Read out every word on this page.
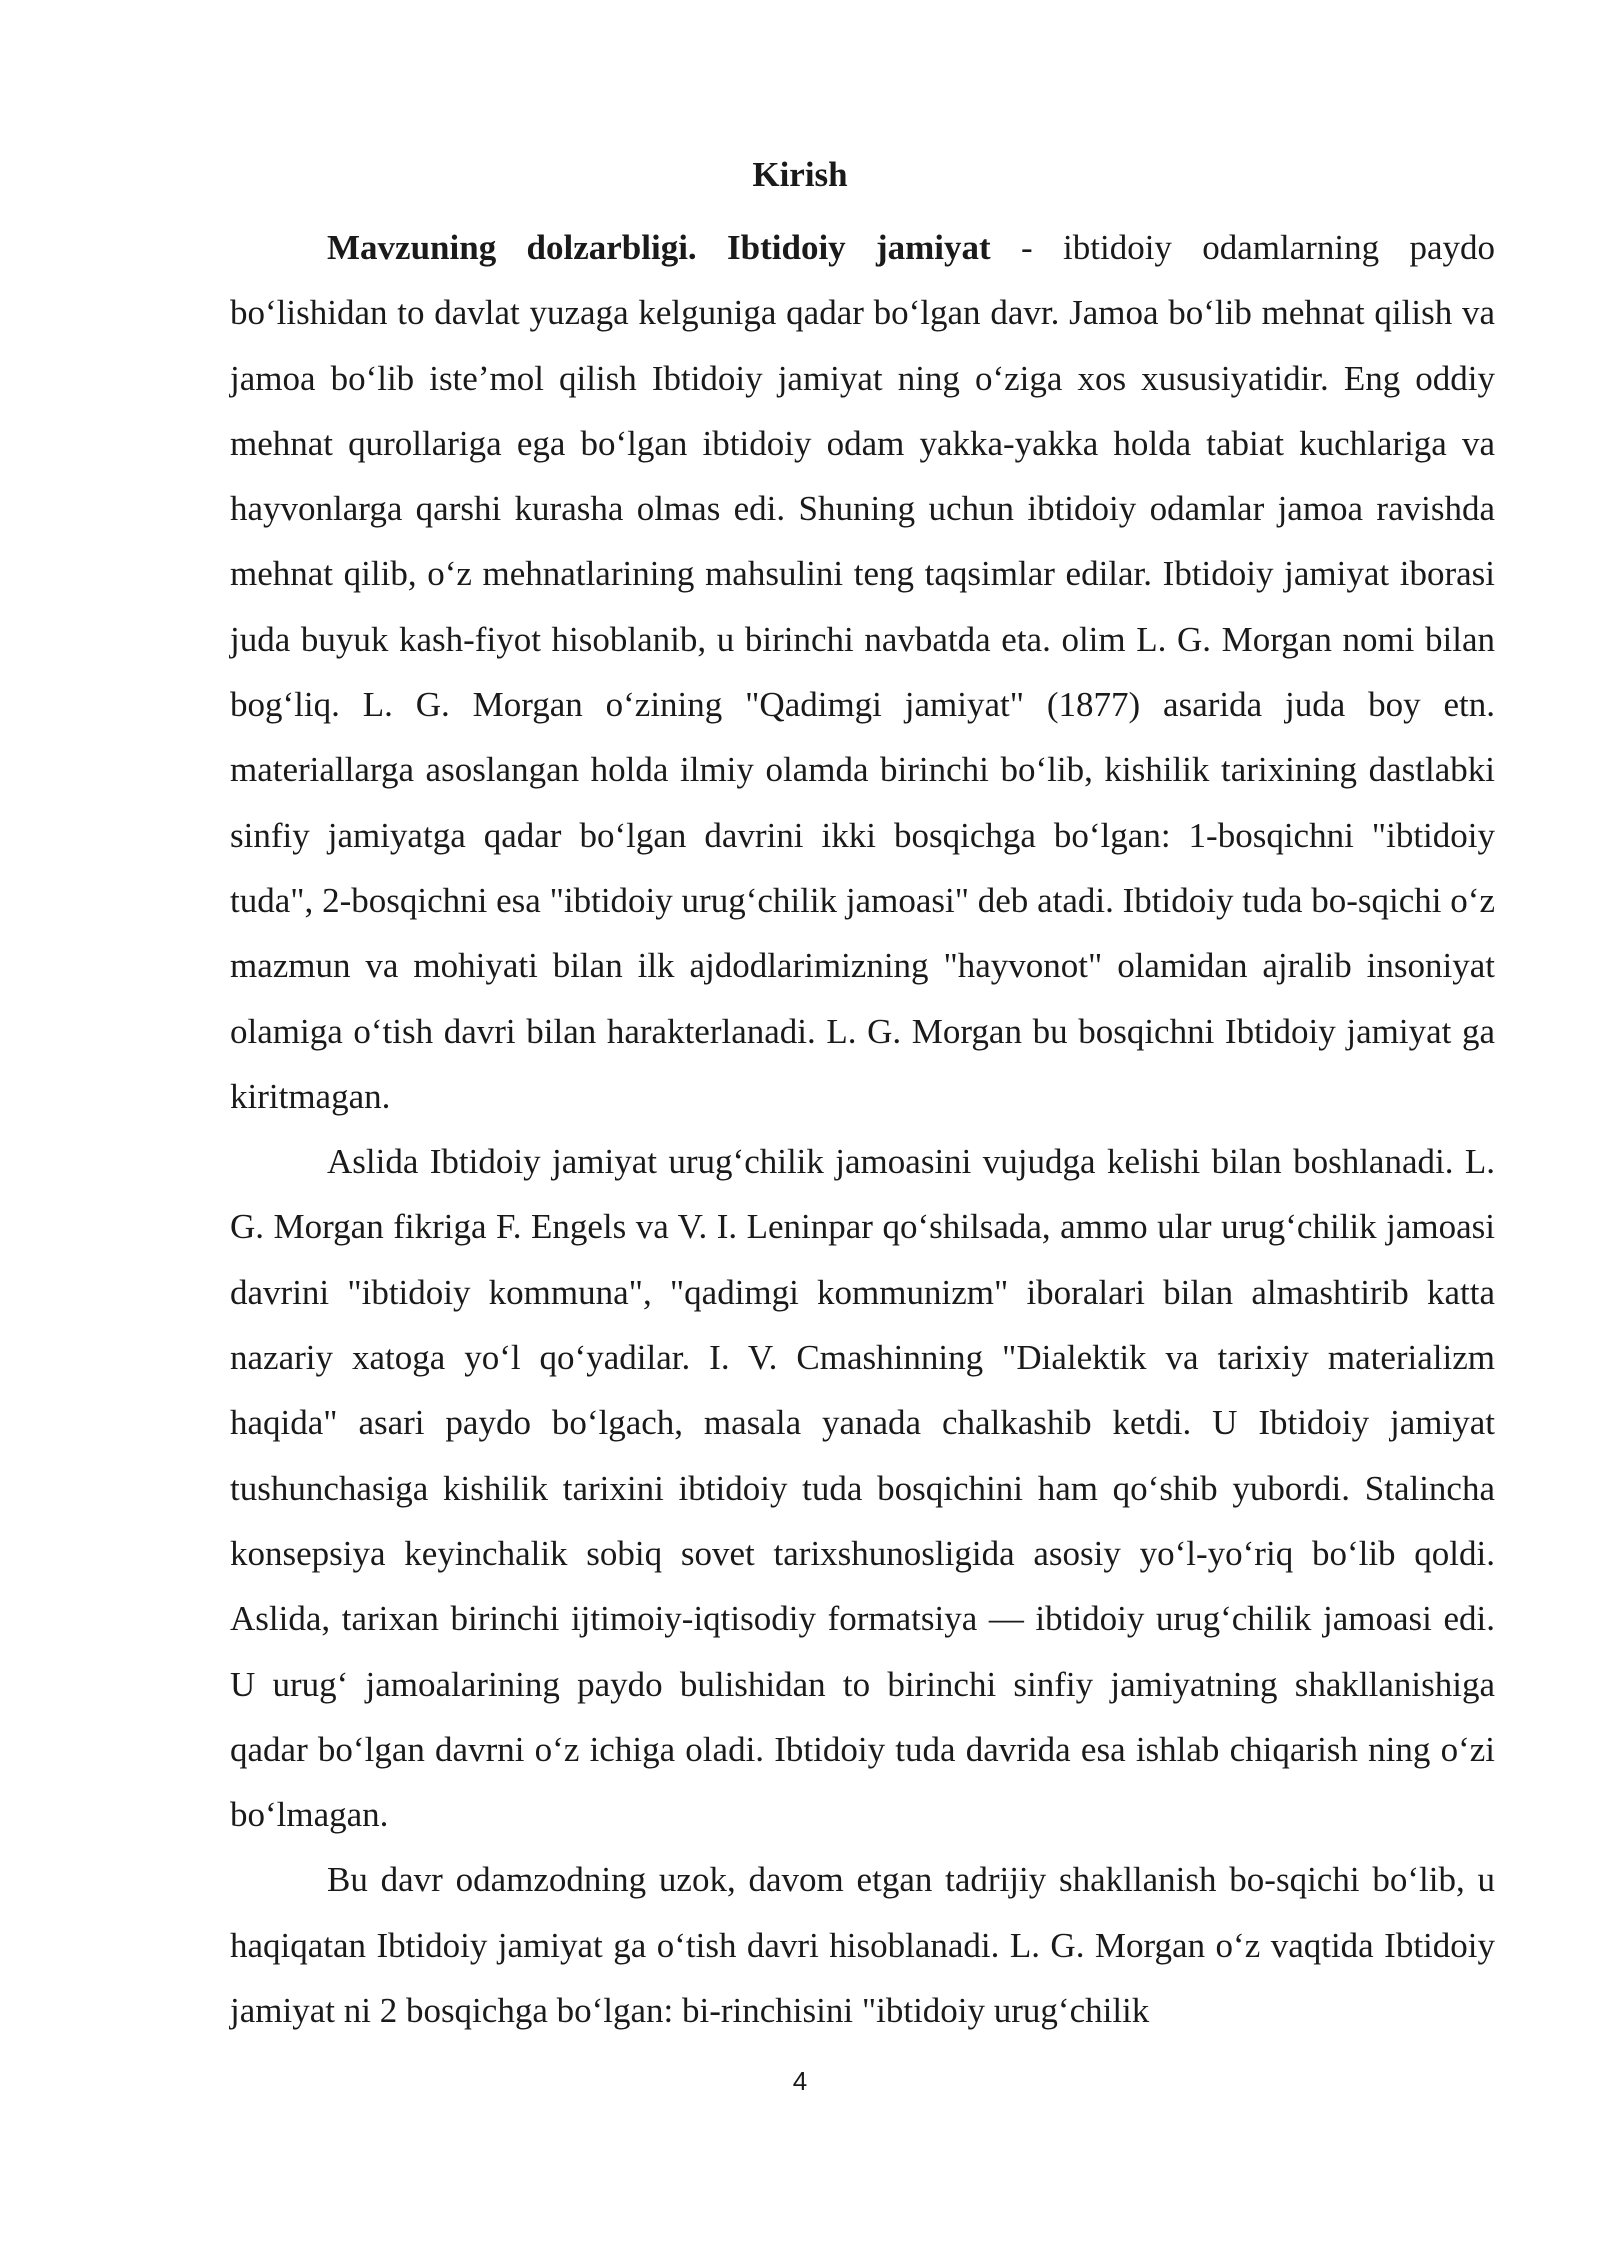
Kirish

Mavzuning dolzarbligi. Ibtidoiy jamiyat - ibtidoiy odamlarning paydo boʻlishidan to davlat yuzaga kelguniga qadar boʻlgan davr. Jamoa boʻlib mehnat qilish va jamoa boʻlib isteʼmol qilish Ibtidoiy jamiyat ning oʻziga xos xususiyatidir. Eng oddiy mehnat qurollariga ega boʻlgan ibtidoiy odam yakka-yakka holda tabiat kuchlariga va hayvonlarga qarshi kurasha olmas edi. Shuning uchun ibtidoiy odamlar jamoa ravishda mehnat qilib, oʻz mehnatlarining mahsulini teng taqsimlar edilar. Ibtidoiy jamiyat iborasi juda buyuk kash-fiyot hisoblanib, u birinchi navbatda eta. olim L. G. Morgan nomi bilan bogʻliq. L. G. Morgan oʻzining "Qadimgi jamiyat" (1877) asarida juda boy etn. materiallarga asoslangan holda ilmiy olamda birinchi boʻlib, kishilik tarixining dastlabki sinfiy jamiyatga qadar boʻlgan davrini ikki bosqichga boʻlgan: 1-bosqichni "ibtidoiy tuda", 2-bosqichni esa "ibtidoiy urugʻchilik jamoasi" deb atadi. Ibtidoiy tuda bo-sqichi oʻz mazmun va mohiyati bilan ilk ajdodlarimizning "hayvonot" olamidan ajralib insoniyat olamiga oʻtish davri bilan harakterlanadi. L. G. Morgan bu bosqichni Ibtidoiy jamiyat ga kiritmagan.

Aslida Ibtidoiy jamiyat urugʻchilik jamoasini vujudga kelishi bilan boshlanadi. L. G. Morgan fikriga F. Engels va V. I. Leninpar qoʻshilsada, ammo ular urugʻchilik jamoasi davrini "ibtidoiy kommuna", "qadimgi kommunizm" iboralari bilan almashtirib katta nazariy xatoga yoʻl qoʻyadilar. I. V. Cmashinning "Dialektik va tarixiy materializm haqida" asari paydo boʻlgach, masala yanada chalkashib ketdi. U Ibtidoiy jamiyat tushunchasiga kishilik tarixini ibtidoiy tuda bosqichini ham qoʻshib yubordi. Stalincha konsepsiya keyinchalik sobiq sovet tarixshunosligida asosiy yoʻl-yoʻriq boʻlib qoldi. Aslida, tarixan birinchi ijtimoiy-iqtisodiy formatsiya — ibtidoiy urugʻchilik jamoasi edi. U urugʻ jamoalarining paydo bulishidan to birinchi sinfiy jamiyatning shakllanishiga qadar boʻlgan davrni oʻz ichiga oladi. Ibtidoiy tuda davrida esa ishlab chiqarish ning oʻzi boʻlmagan.

Bu davr odamzodning uzok, davom etgan tadrijiy shakllanish bo-sqichi boʻlib, u haqiqatan Ibtidoiy jamiyat ga oʻtish davri hisoblanadi. L. G. Morgan oʻz vaqtida Ibtidoiy jamiyat ni 2 bosqichga boʻlgan: bi-rinchisini "ibtidoiy urugʻchilik

4
